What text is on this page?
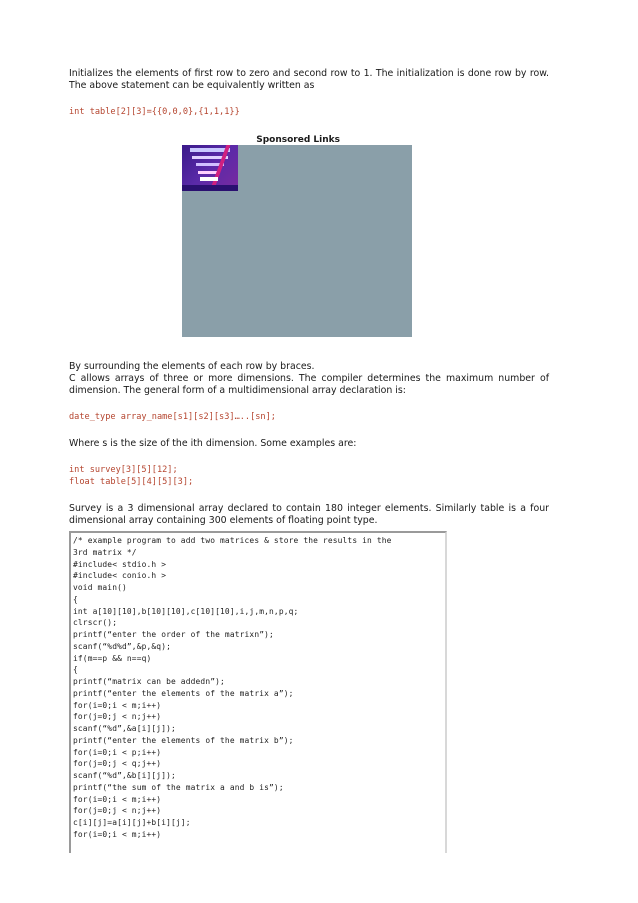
Initializes the elements of first row to zero and second row to 1. The initialization is done row by row. The above statement can be equivalently written as

int table[2][3]={{0,0,0},{1,1,1}}

Sponsored Links

By surrounding the elements of each row by braces.

C allows arrays of three or more dimensions. The compiler determines the maximum number of dimension. The general form of a multidimensional array declaration is:

date_type array_name[s1][s2][s3]…..[sn];

Where s is the size of the ith dimension. Some examples are:

int survey[3][5][12];

float table[5][4][5][3];

Survey is a 3 dimensional array declared to contain 180 integer elements. Similarly table is a four dimensional array containing 300 elements of floating point type.

/* example program to add two matrices & store the results in the

3rd matrix */

#include< stdio.h >

#include< conio.h >

void main()

{

int a[10][10],b[10][10],c[10][10],i,j,m,n,p,q;

clrscr();

printf(“enter the order of the matrixn”);

scanf(“%d%d”,&p,&q);

if(m==p && n==q)

{

printf(“matrix can be addedn”);

printf(“enter the elements of the matrix a”);

for(i=0;i < m;i++)

for(j=0;j < n;j++)

scanf(“%d”,&a[i][j]);

printf(“enter the elements of the matrix b”);

for(i=0;i < p;i++)

for(j=0;j < q;j++)

scanf(“%d”,&b[i][j]);

printf(“the sum of the matrix a and b is”);

for(i=0;i < m;i++)

for(j=0;j < n;j++)

c[i][j]=a[i][j]+b[i][j];

for(i=0;i < m;i++)
